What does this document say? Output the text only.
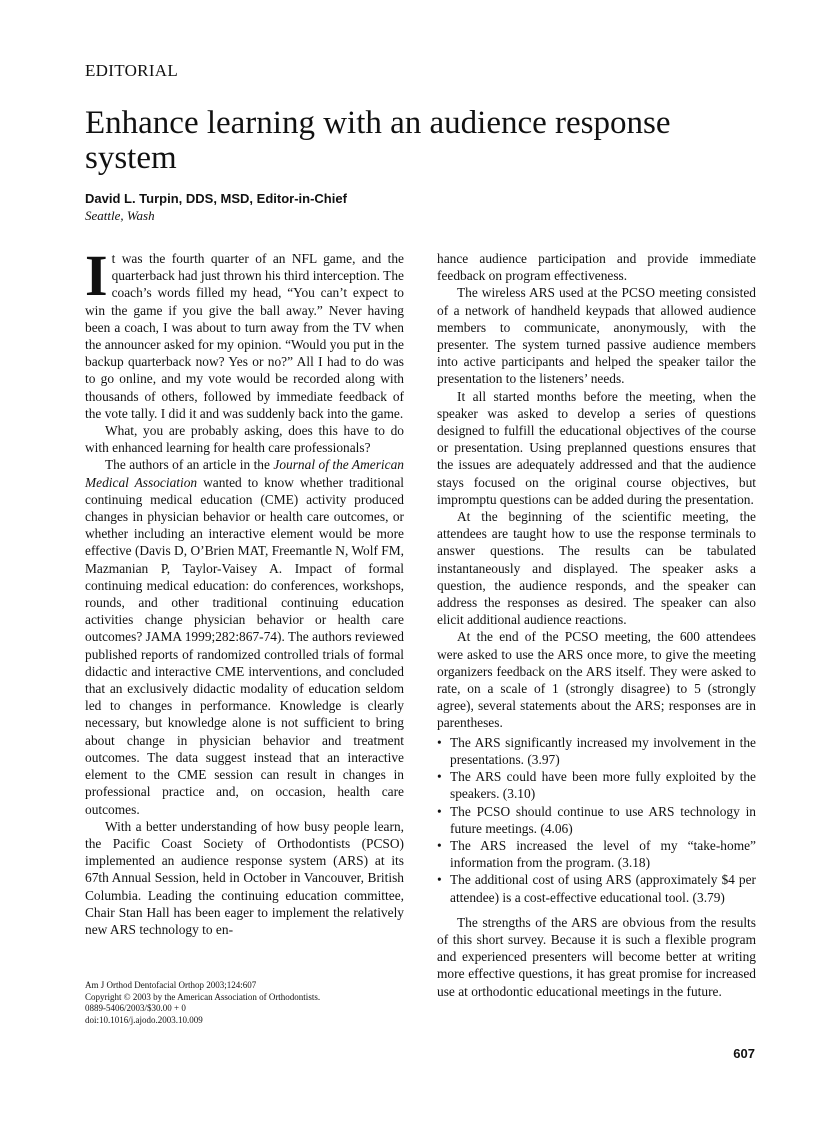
EDITORIAL
Enhance learning with an audience response system
David L. Turpin, DDS, MSD, Editor-in-Chief
Seattle, Wash

It was the fourth quarter of an NFL game, and the quarterback had just thrown his third interception. The coach’s words filled my head, “You can’t expect to win the game if you give the ball away.” Never having been a coach, I was about to turn away from the TV when the announcer asked for my opinion. “Would you put in the backup quarterback now? Yes or no?” All I had to do was to go online, and my vote would be recorded along with thousands of others, followed by immediate feedback of the vote tally. I did it and was suddenly back into the game.

What, you are probably asking, does this have to do with enhanced learning for health care professionals?

The authors of an article in the Journal of the American Medical Association wanted to know whether traditional continuing medical education (CME) activity produced changes in physician behavior or health care outcomes, or whether including an interactive element would be more effective (Davis D, O’Brien MAT, Freemantle N, Wolf FM, Mazmanian P, Taylor-Vaisey A. Impact of formal continuing medical education: do conferences, workshops, rounds, and other traditional continuing education activities change physician behavior or health care outcomes? JAMA 1999;282:867-74). The authors reviewed published reports of randomized controlled trials of formal didactic and interactive CME interventions, and concluded that an exclusively didactic modality of education seldom led to changes in performance. Knowledge is clearly necessary, but knowledge alone is not sufficient to bring about change in physician behavior and treatment outcomes. The data suggest instead that an interactive element to the CME session can result in changes in professional practice and, on occasion, health care outcomes.

With a better understanding of how busy people learn, the Pacific Coast Society of Orthodontists (PCSO) implemented an audience response system (ARS) at its 67th Annual Session, held in October in Vancouver, British Columbia. Leading the continuing education committee, Chair Stan Hall has been eager to implement the relatively new ARS technology to en-

hance audience participation and provide immediate feedback on program effectiveness.

The wireless ARS used at the PCSO meeting consisted of a network of handheld keypads that allowed audience members to communicate, anonymously, with the presenter. The system turned passive audience members into active participants and helped the speaker tailor the presentation to the listeners’ needs.

It all started months before the meeting, when the speaker was asked to develop a series of questions designed to fulfill the educational objectives of the course or presentation. Using preplanned questions ensures that the issues are adequately addressed and that the audience stays focused on the original course objectives, but impromptu questions can be added during the presentation.

At the beginning of the scientific meeting, the attendees are taught how to use the response terminals to answer questions. The results can be tabulated instantaneously and displayed. The speaker asks a question, the audience responds, and the speaker can address the responses as desired. The speaker can also elicit additional audience reactions.

At the end of the PCSO meeting, the 600 attendees were asked to use the ARS once more, to give the meeting organizers feedback on the ARS itself. They were asked to rate, on a scale of 1 (strongly disagree) to 5 (strongly agree), several statements about the ARS; responses are in parentheses.

• The ARS significantly increased my involvement in the presentations. (3.97)
• The ARS could have been more fully exploited by the speakers. (3.10)
• The PCSO should continue to use ARS technology in future meetings. (4.06)
• The ARS increased the level of my “take-home” information from the program. (3.18)
• The additional cost of using ARS (approximately $4 per attendee) is a cost-effective educational tool. (3.79)

The strengths of the ARS are obvious from the results of this short survey. Because it is such a flexible program and experienced presenters will become better at writing more effective questions, it has great promise for increased use at orthodontic educational meetings in the future.

Am J Orthod Dentofacial Orthop 2003;124:607
Copyright © 2003 by the American Association of Orthodontists.
0889-5406/2003/$30.00 + 0
doi:10.1016/j.ajodo.2003.10.009
607
